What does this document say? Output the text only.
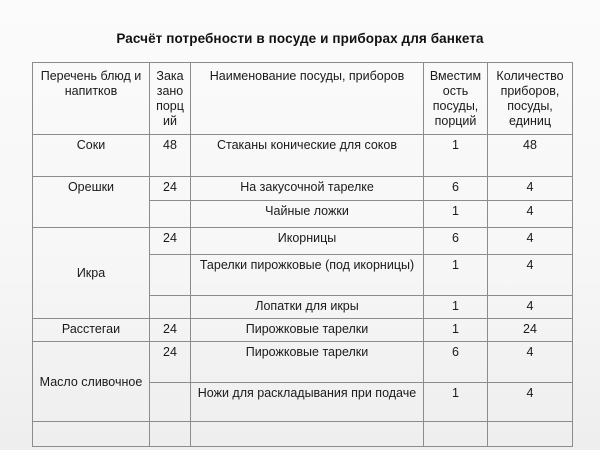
Расчёт потребности в посуде и приборах для банкета
Перечень блюд и напитков	Зака зано порц ий	Наименование посуды, приборов	Вместим ость посуды, порций	Количество приборов, посуды, единиц
Соки	48	Стаканы конические для соков	1	48
Орешки	24	На закусочной тарелке	6	4
		Чайные ложки	1	4
Икра	24	Икорницы	6	4
		Тарелки пирожковые (под икорницы)	1	4
		Лопатки для икры	1	4
Расстегаи	24	Пирожковые тарелки	1	24
Масло сливочное	24	Пирожковые тарелки	6	4
		Ножи для раскладывания при подаче	1	4
